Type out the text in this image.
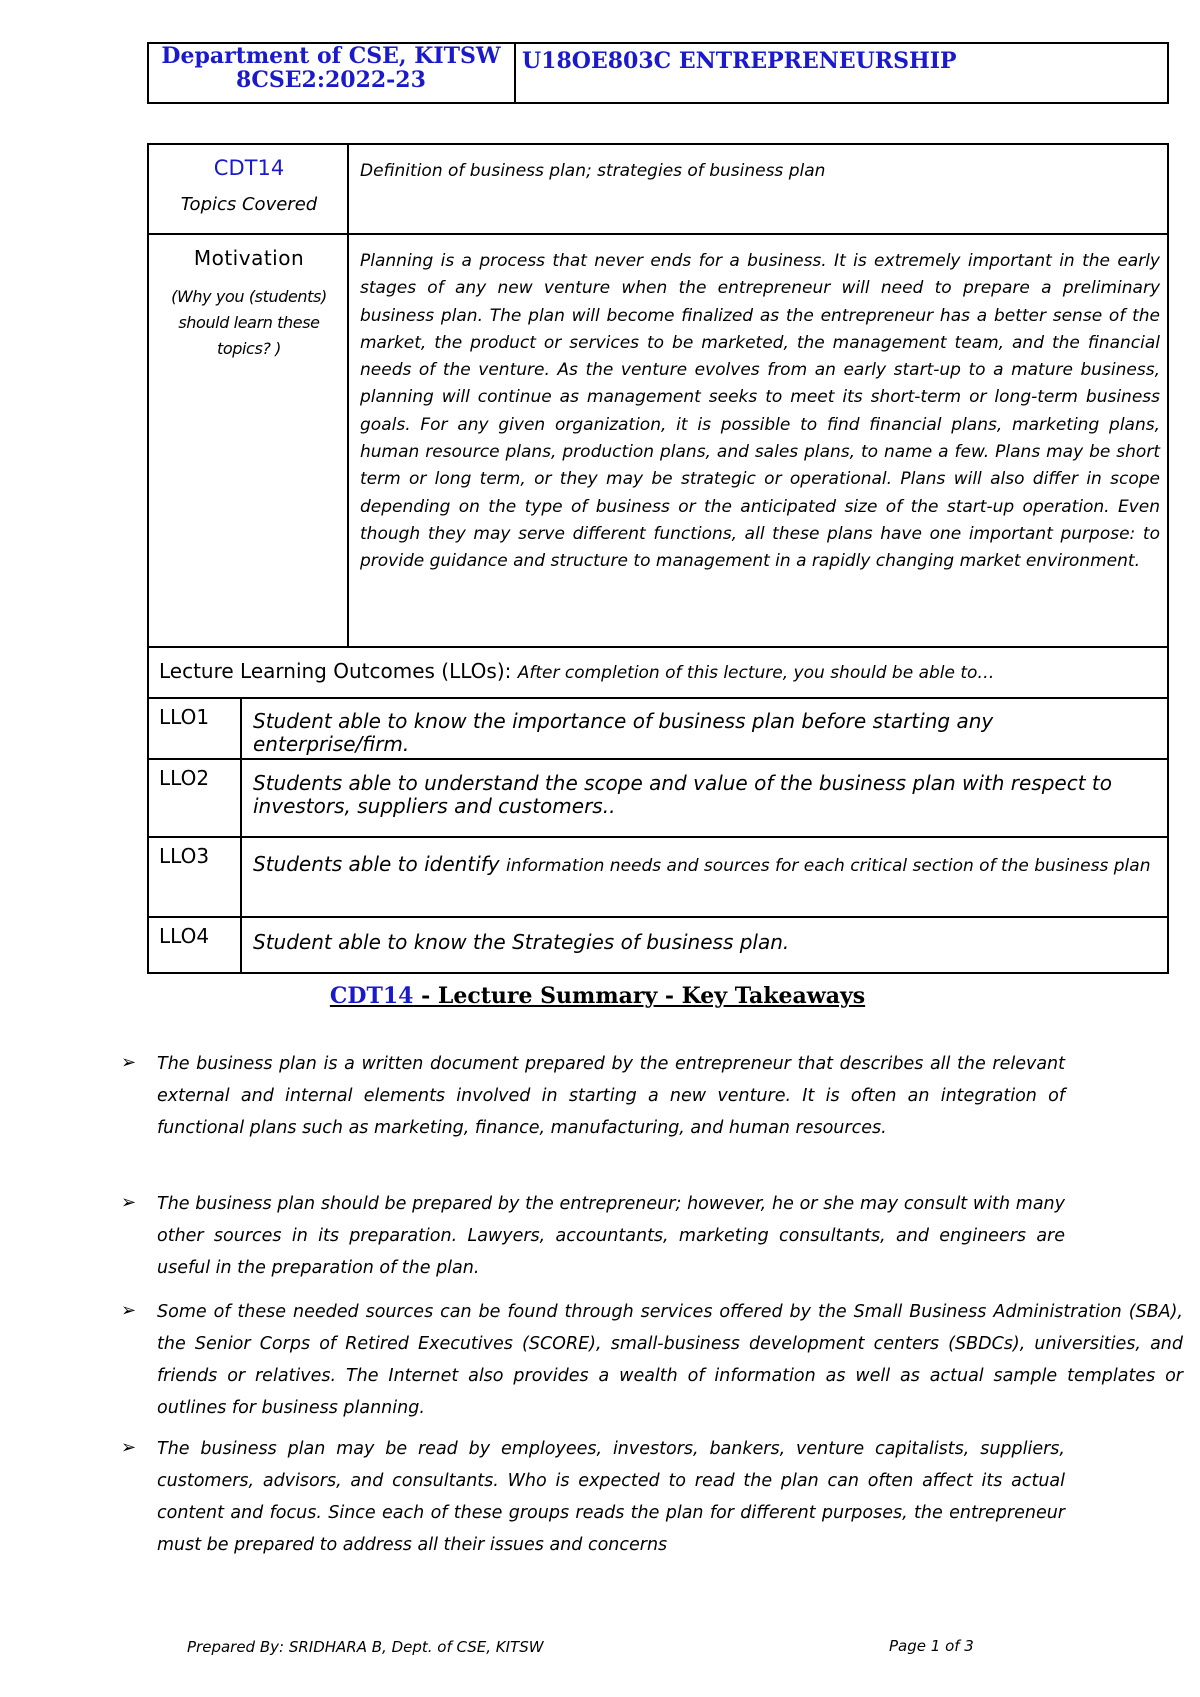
Department of CSE, KITSW 8CSE2:2022-23
U18OE803C ENTREPRENEURSHIP
CDT14
Topics Covered
Definition of business plan; strategies of business plan
Motivation
(Why you (students) should learn these topics? )
Planning is a process that never ends for a business. It is extremely important in the early stages of any new venture when the entrepreneur will need to prepare a preliminary business plan. The plan will become finalized as the entrepreneur has a better sense of the market, the product or services to be marketed, the management team, and the financial needs of the venture. As the venture evolves from an early start-up to a mature business, planning will continue as management seeks to meet its short-term or long-term business goals. For any given organization, it is possible to find financial plans, marketing plans, human resource plans, production plans, and sales plans, to name a few. Plans may be short term or long term, or they may be strategic or operational. Plans will also differ in scope depending on the type of business or the anticipated size of the start-up operation. Even though they may serve different functions, all these plans have one important purpose: to provide guidance and structure to management in a rapidly changing market environment.
Lecture Learning Outcomes (LLOs): After completion of this lecture, you should be able to…
LLO1 Student able to know the importance of business plan before starting any enterprise/firm.
LLO2 Students able to understand the scope and value of the business plan with respect to investors, suppliers and customers..
LLO3 Students able to identify information needs and sources for each critical section of the business plan
LLO4 Student able to know the Strategies of business plan.
CDT14 - Lecture Summary - Key Takeaways
➢ The business plan is a written document prepared by the entrepreneur that describes all the relevant external and internal elements involved in starting a new venture. It is often an integration of functional plans such as marketing, finance, manufacturing, and human resources.
➢ The business plan should be prepared by the entrepreneur; however, he or she may consult with many other sources in its preparation. Lawyers, accountants, marketing consultants, and engineers are useful in the preparation of the plan.
➢ Some of these needed sources can be found through services offered by the Small Business Administration (SBA), the Senior Corps of Retired Executives (SCORE), small-business development centers (SBDCs), universities, and friends or relatives. The Internet also provides a wealth of information as well as actual sample templates or outlines for business planning.
➢ The business plan may be read by employees, investors, bankers, venture capitalists, suppliers, customers, advisors, and consultants. Who is expected to read the plan can often affect its actual content and focus. Since each of these groups reads the plan for different purposes, the entrepreneur must be prepared to address all their issues and concerns
Prepared By: SRIDHARA B, Dept. of CSE, KITSW	Page 1 of 3
